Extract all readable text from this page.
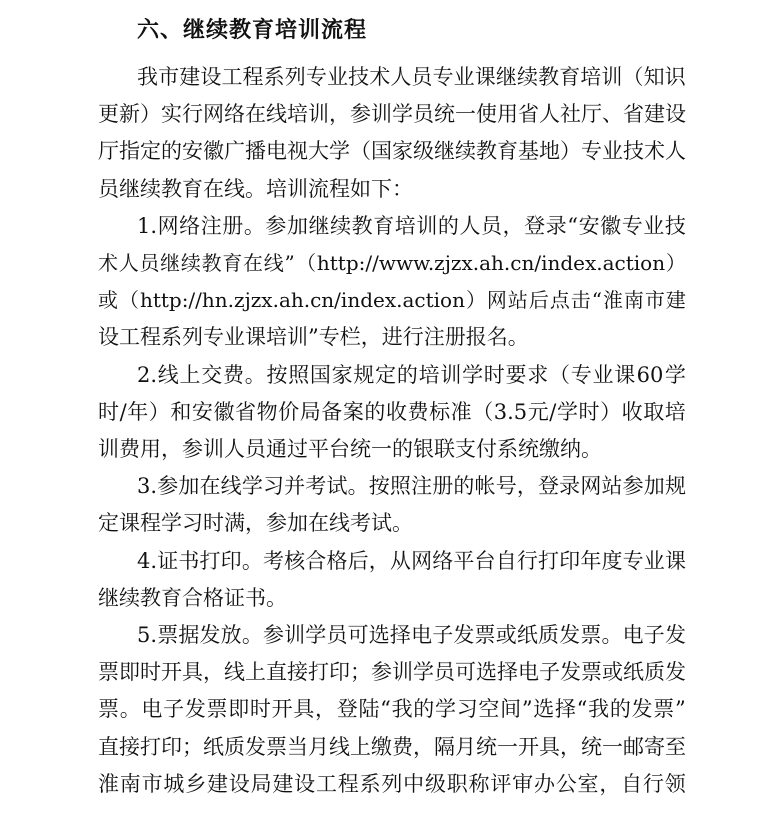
六、继续教育培训流程
我 市 建 设 工 程 系 列 专 业 技 术 人 员 专 业 课 继 续 教 育 培 训 （ 知 识
更 新 ） 实 行 网 络 在 线 培 训 ， 参 训 学 员 统 一 使 用 省 人 社 厅 、 省 建 设
厅 指 定 的 安 徽 广 播 电 视 大 学 （ 国 家 级 继 续 教 育 基 地 ） 专 业 技 术 人
员继续教育在线。培训流程如下：
1. 网 络 注 册 。 参 加 继 续 教 育 培 训 的 人 员 ， 登 录 “ 安 徽 专 业 技
术 人 员 继 续 教 育 在 线 ” （ http://www.zjzx.ah.cn/index.action ）
或 （ http://hn.zjzx.ah.cn/index.action ） 网 站 后 点 击 “ 淮 南 市 建
设工程系列专业课培训”专栏，进行注册报名。
2. 线 上 交 费 。 按 照 国 家 规 定 的 培 训 学 时 要 求 （ 专 业 课 60 学
时 / 年 ） 和 安 徽 省 物 价 局 备 案 的 收 费 标 准 （ 3.5 元 / 学 时 ） 收 取 培
训费用，参训人员通过平台统一的银联支付系统缴纳。
3. 参 加 在 线 学 习 并 考 试 。 按 照 注 册 的 帐 号 ， 登 录 网 站 参 加 规
定课程学习时满，参加在线考试。
4. 证 书 打 印 。 考 核 合 格 后 ， 从 网 络 平 台 自 行 打 印 年 度 专 业 课
继续教育合格证书。
5. 票 据 发 放 。 参 训 学 员 可 选 择 电 子 发 票 或 纸 质 发 票 。 电 子 发
票 即 时 开 具 ， 线 上 直 接 打 印 ； 参 训 学 员 可 选 择 电 子 发 票 或 纸 质 发
票 。 电 子 发 票 即 时 开 具 ， 登 陆 “ 我 的 学 习 空 间 ” 选 择 “ 我 的 发 票 ”
直 接 打 印 ； 纸 质 发 票 当 月 线 上 缴 费 ， 隔 月 统 一 开 具 ， 统 一 邮 寄 至
淮 南 市 城 乡 建 设 局 建 设 工 程 系 列 中 级 职 称 评 审 办 公 室 ， 自 行 领
